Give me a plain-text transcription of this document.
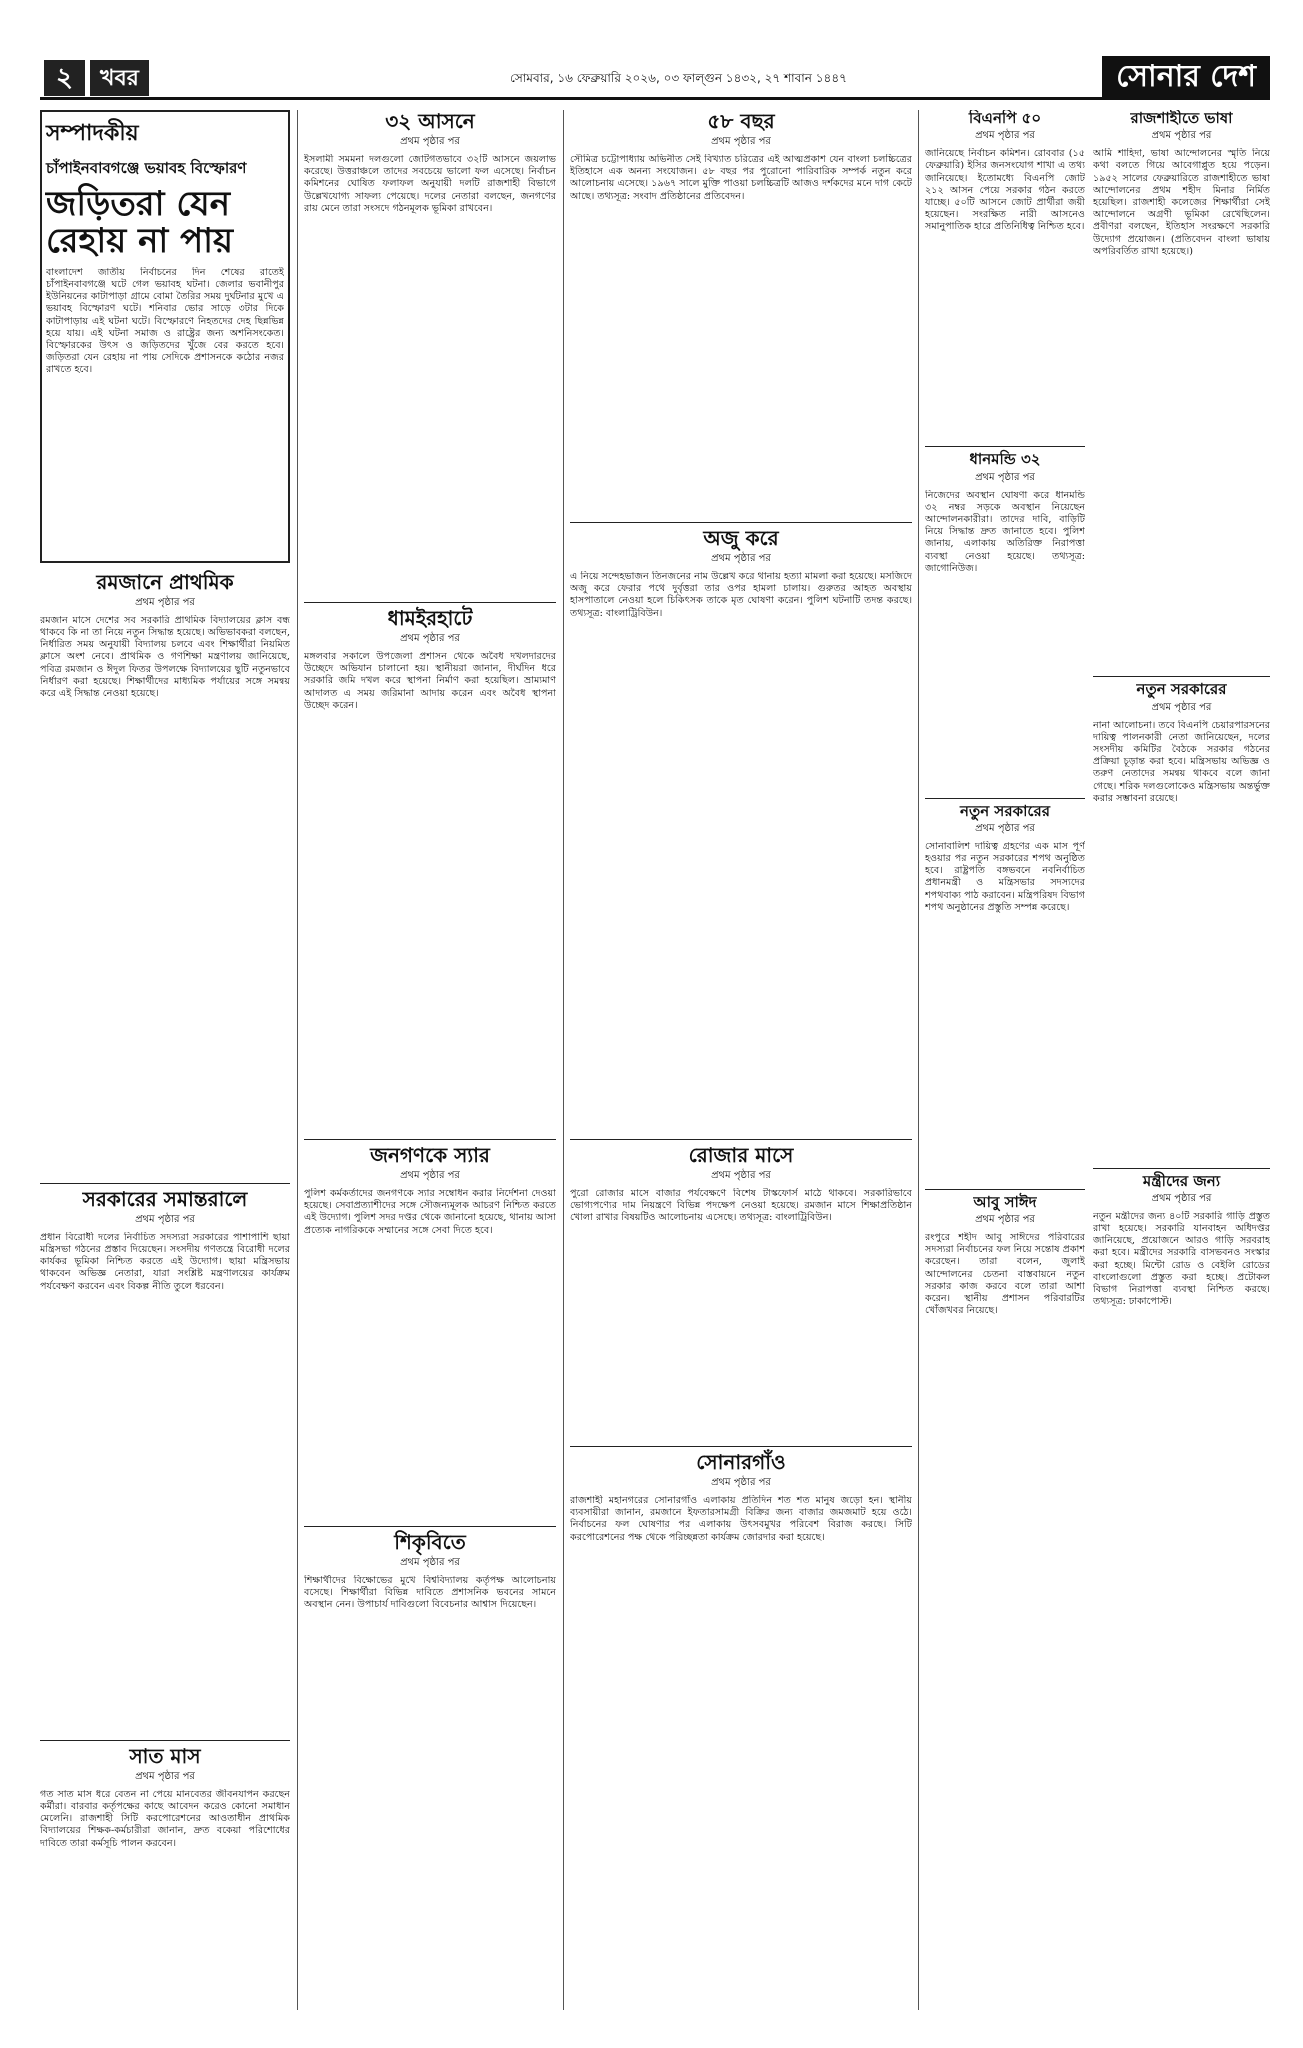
২	খবর	সোমবার, ১৬ ফেব্রুয়ারি ২০২৬, ০৩ ফাল্গুন ১৪৩২, ২৭ শাবান ১৪৪৭	সোনার দেশ
সম্পাদকীয়
চাঁপাইনবাবগঞ্জে ভয়াবহ বিস্ফোরণ
জড়িতরা যেন রেহায় না পায়
বাংলাদেশ জাতীয় নির্বাচনের দিন শেষের রাতেই চাঁপাইনবাবগঞ্জে ঘটে গেল ভয়াবহ ঘটনা। জেলার ভবানীপুর ইউনিয়নের কাটাপাড়া গ্রামে বোমা তৈরির সময় দুর্ঘটনার মুখে এ ভয়াবহ বিস্ফোরণ ঘটে। শনিবার ভোর সাড়ে ৩টার দিকে কাটাপাড়ায় এই ঘটনা ঘটে। বিস্ফোরণে নিহতদের দেহ ছিন্নভিন্ন হয়ে যায়। এই ঘটনা সমাজ ও রাষ্ট্রের জন্য অশনিসংকেত। বিস্ফোরকের উৎস ও জড়িতদের খুঁজে বের করতে হবে। জড়িতরা যেন রেহায় না পায় সেদিকে প্রশাসনকে কঠোর নজর রাখতে হবে।
রমজানে প্রাথমিক
প্রথম পৃষ্ঠার পর
রমজান মাসে দেশের সব সরকারি প্রাথমিক বিদ্যালয়ের ক্লাস বন্ধ থাকবে কি না তা নিয়ে নতুন সিদ্ধান্ত হয়েছে। অভিভাবকরা বলছেন, নির্ধারিত সময় অনুযায়ী বিদ্যালয় চলবে এবং শিক্ষার্থীরা নিয়মিত ক্লাসে অংশ নেবে। প্রাথমিক ও গণশিক্ষা মন্ত্রণালয় জানিয়েছে, পবিত্র রমজান ও ঈদুল ফিতর উপলক্ষে বিদ্যালয়ের ছুটি নতুনভাবে নির্ধারণ করা হয়েছে। শিক্ষার্থীদের মাধ্যমিক পর্যায়ের সঙ্গে সমন্বয় করে এই সিদ্ধান্ত নেওয়া হয়েছে।
সরকারের সমান্তরালে
প্রথম পৃষ্ঠার পর
প্রধান বিরোধী দলের নির্বাচিত সদস্যরা সরকারের পাশাপাশি ছায়া মন্ত্রিসভা গঠনের প্রস্তাব দিয়েছেন। সংসদীয় গণতন্ত্রে বিরোধী দলের কার্যকর ভূমিকা নিশ্চিত করতে এই উদ্যোগ। ছায়া মন্ত্রিসভায় থাকবেন অভিজ্ঞ নেতারা, যারা সংশ্লিষ্ট মন্ত্রণালয়ের কার্যক্রম পর্যবেক্ষণ করবেন এবং বিকল্প নীতি তুলে ধরবেন।
সাত মাস
প্রথম পৃষ্ঠার পর
গত সাত মাস ধরে বেতন না পেয়ে মানবেতর জীবনযাপন করছেন কর্মীরা। বারবার কর্তৃপক্ষের কাছে আবেদন করেও কোনো সমাধান মেলেনি। রাজশাহী সিটি করপোরেশনের আওতাধীন প্রাথমিক বিদ্যালয়ের শিক্ষক-কর্মচারীরা জানান, দ্রুত বকেয়া পরিশোধের দাবিতে তারা কর্মসূচি পালন করবেন।
৩২ আসনে
প্রথম পৃষ্ঠার পর
ইসলামী সমমনা দলগুলো জোটগতভাবে ৩২টি আসনে জয়লাভ করেছে। উত্তরাঞ্চলে তাদের সবচেয়ে ভালো ফল এসেছে। নির্বাচন কমিশনের ঘোষিত ফলাফল অনুযায়ী দলটি রাজশাহী বিভাগে উল্লেখযোগ্য সাফল্য পেয়েছে। দলের নেতারা বলছেন, জনগণের রায় মেনে তারা সংসদে গঠনমূলক ভূমিকা রাখবেন।
ধামইরহাটে
প্রথম পৃষ্ঠার পর
মঙ্গলবার সকালে উপজেলা প্রশাসন থেকে অবৈধ দখলদারদের উচ্ছেদে অভিযান চালানো হয়। স্থানীয়রা জানান, দীর্ঘদিন ধরে সরকারি জমি দখল করে স্থাপনা নির্মাণ করা হয়েছিল। ভ্রাম্যমাণ আদালত এ সময় জরিমানা আদায় করেন এবং অবৈধ স্থাপনা উচ্ছেদ করেন।
জনগণকে স্যার
প্রথম পৃষ্ঠার পর
পুলিশ কর্মকর্তাদের জনগণকে স্যার সম্বোধন করার নির্দেশনা দেওয়া হয়েছে। সেবাপ্রত্যাশীদের সঙ্গে সৌজন্যমূলক আচরণ নিশ্চিত করতে এই উদ্যোগ। পুলিশ সদর দপ্তর থেকে জানানো হয়েছে, থানায় আসা প্রত্যেক নাগরিককে সম্মানের সঙ্গে সেবা দিতে হবে।
শিকৃবিতে
প্রথম পৃষ্ঠার পর
শিক্ষার্থীদের বিক্ষোভের মুখে বিশ্ববিদ্যালয় কর্তৃপক্ষ আলোচনায় বসেছে। শিক্ষার্থীরা বিভিন্ন দাবিতে প্রশাসনিক ভবনের সামনে অবস্থান নেন। উপাচার্য দাবিগুলো বিবেচনার আশ্বাস দিয়েছেন।
৫৮ বছর
প্রথম পৃষ্ঠার পর
সৌমিত্র চট্টোপাধ্যায় অভিনীত সেই বিখ্যাত চরিত্রের এই আত্মপ্রকাশ যেন বাংলা চলচ্চিত্রের ইতিহাসে এক অনন্য সংযোজন। ৫৮ বছর পর পুরোনো পারিবারিক সম্পর্ক নতুন করে আলোচনায় এসেছে। ১৯৬৭ সালে মুক্তি পাওয়া চলচ্চিত্রটি আজও দর্শকদের মনে দাগ কেটে আছে। তথ্যসূত্র: সংবাদ প্রতিষ্ঠানের প্রতিবেদন।
অজু করে
প্রথম পৃষ্ঠার পর
এ নিয়ে সন্দেহভাজন তিনজনের নাম উল্লেখ করে থানায় হত্যা মামলা করা হয়েছে। মসজিদে অজু করে ফেরার পথে দুর্বৃত্তরা তার ওপর হামলা চালায়। গুরুতর আহত অবস্থায় হাসপাতালে নেওয়া হলে চিকিৎসক তাকে মৃত ঘোষণা করেন। পুলিশ ঘটনাটি তদন্ত করছে। তথ্যসূত্র: বাংলাট্রিবিউন।
রোজার মাসে
প্রথম পৃষ্ঠার পর
পুরো রোজার মাসে বাজার পর্যবেক্ষণে বিশেষ টাস্কফোর্স মাঠে থাকবে। সরকারিভাবে ভোগ্যপণ্যের দাম নিয়ন্ত্রণে বিভিন্ন পদক্ষেপ নেওয়া হয়েছে। রমজান মাসে শিক্ষাপ্রতিষ্ঠান খোলা রাখার বিষয়টিও আলোচনায় এসেছে। তথ্যসূত্র: বাংলাট্রিবিউন।
সোনারগাঁও
প্রথম পৃষ্ঠার পর
রাজশাহী মহানগরের সোনারগাঁও এলাকায় প্রতিদিন শত শত মানুষ জড়ো হন। স্থানীয় ব্যবসায়ীরা জানান, রমজানে ইফতারসামগ্রী বিক্রির জন্য বাজার জমজমাট হয়ে ওঠে। নির্বাচনের ফল ঘোষণার পর এলাকায় উৎসবমুখর পরিবেশ বিরাজ করছে। সিটি করপোরেশনের পক্ষ থেকে পরিচ্ছন্নতা কার্যক্রম জোরদার করা হয়েছে।
বিএনপি ৫০
প্রথম পৃষ্ঠার পর
জানিয়েছে নির্বাচন কমিশন। রোববার (১৫ ফেব্রুয়ারি) ইসির জনসংযোগ শাখা এ তথ্য জানিয়েছে। ইতোমধ্যে বিএনপি জোট ২১২ আসন পেয়ে সরকার গঠন করতে যাচ্ছে। ৫০টি আসনে জোট প্রার্থীরা জয়ী হয়েছেন। সংরক্ষিত নারী আসনেও সমানুপাতিক হারে প্রতিনিধিত্ব নিশ্চিত হবে।
ধানমন্ডি ৩২
প্রথম পৃষ্ঠার পর
নিজেদের অবস্থান ঘোষণা করে ধানমন্ডি ৩২ নম্বর সড়কে অবস্থান নিয়েছেন আন্দোলনকারীরা। তাদের দাবি, বাড়িটি নিয়ে সিদ্ধান্ত দ্রুত জানাতে হবে। পুলিশ জানায়, এলাকায় অতিরিক্ত নিরাপত্তা ব্যবস্থা নেওয়া হয়েছে। তথ্যসূত্র: জাগোনিউজ।
নতুন সরকারের
প্রথম পৃষ্ঠার পর
সোনাবালিশ দায়িত্ব গ্রহণের এক মাস পূর্ণ হওয়ার পর নতুন সরকারের শপথ অনুষ্ঠিত হবে। রাষ্ট্রপতি বঙ্গভবনে নবনির্বাচিত প্রধানমন্ত্রী ও মন্ত্রিসভার সদস্যদের শপথবাক্য পাঠ করাবেন। মন্ত্রিপরিষদ বিভাগ শপথ অনুষ্ঠানের প্রস্তুতি সম্পন্ন করেছে।
আবু সাঈদ
প্রথম পৃষ্ঠার পর
রংপুরে শহীদ আবু সাঈদের পরিবারের সদস্যরা নির্বাচনের ফল নিয়ে সন্তোষ প্রকাশ করেছেন। তারা বলেন, জুলাই আন্দোলনের চেতনা বাস্তবায়নে নতুন সরকার কাজ করবে বলে তারা আশা করেন। স্থানীয় প্রশাসন পরিবারটির খোঁজখবর নিয়েছে।
রাজশাহীতে ভাষা
প্রথম পৃষ্ঠার পর
আমি শাহিদা, ভাষা আন্দোলনের স্মৃতি নিয়ে কথা বলতে গিয়ে আবেগাপ্লুত হয়ে পড়েন। ১৯৫২ সালের ফেব্রুয়ারিতে রাজশাহীতে ভাষা আন্দোলনের প্রথম শহীদ মিনার নির্মিত হয়েছিল। রাজশাহী কলেজের শিক্ষার্থীরা সেই আন্দোলনে অগ্রণী ভূমিকা রেখেছিলেন। প্রবীণরা বলছেন, ইতিহাস সংরক্ষণে সরকারি উদ্যোগ প্রয়োজন। (প্রতিবেদন বাংলা ভাষায় অপরিবর্তিত রাখা হয়েছে।)
নতুন সরকারের
প্রথম পৃষ্ঠার পর
নানা আলোচনা। তবে বিএনপি চেয়ারপারসনের দায়িত্ব পালনকারী নেতা জানিয়েছেন, দলের সংসদীয় কমিটির বৈঠকে সরকার গঠনের প্রক্রিয়া চূড়ান্ত করা হবে। মন্ত্রিসভায় অভিজ্ঞ ও তরুণ নেতাদের সমন্বয় থাকবে বলে জানা গেছে। শরিক দলগুলোকেও মন্ত্রিসভায় অন্তর্ভুক্ত করার সম্ভাবনা রয়েছে।
মন্ত্রীদের জন্য
প্রথম পৃষ্ঠার পর
নতুন মন্ত্রীদের জন্য ৪০টি সরকারি গাড়ি প্রস্তুত রাখা হয়েছে। সরকারি যানবাহন অধিদপ্তর জানিয়েছে, প্রয়োজনে আরও গাড়ি সরবরাহ করা হবে। মন্ত্রীদের সরকারি বাসভবনও সংস্কার করা হচ্ছে। মিন্টো রোড ও বেইলি রোডের বাংলোগুলো প্রস্তুত করা হচ্ছে। প্রটোকল বিভাগ নিরাপত্তা ব্যবস্থা নিশ্চিত করছে। তথ্যসূত্র: ঢাকাপোস্ট।
